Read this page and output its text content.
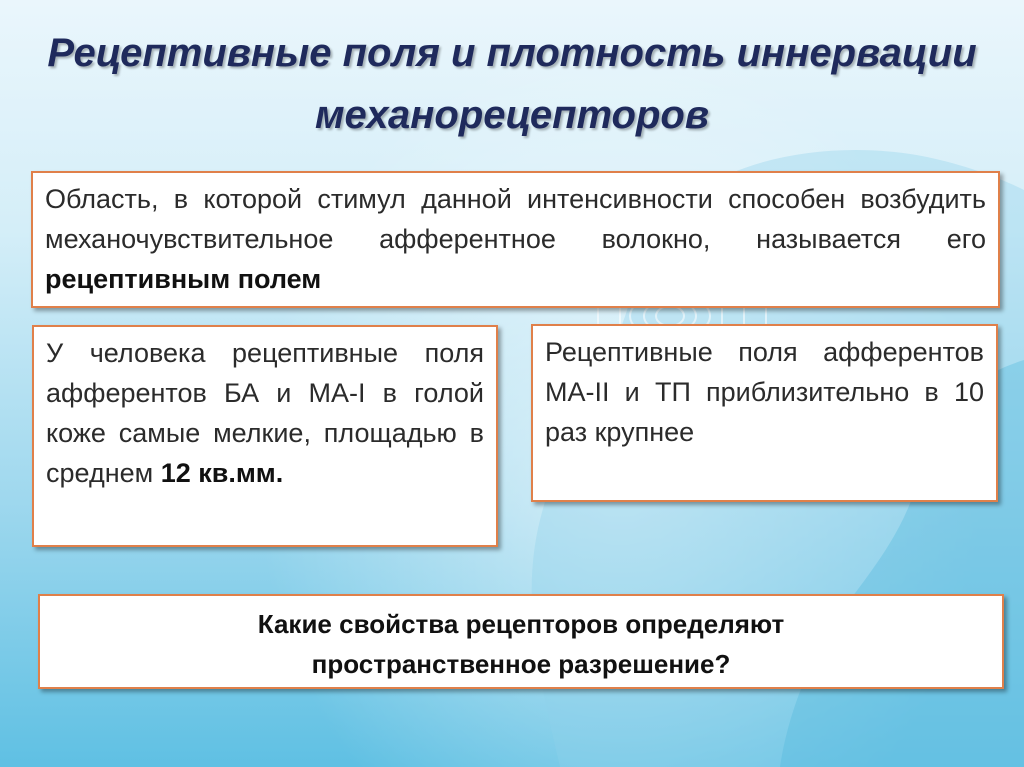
Рецептивные поля и плотность иннервации механорецепторов
Область, в которой стимул данной интенсивности способен возбудить механочувствительное афферентное волокно, называется его рецептивным полем
У человека рецептивные поля афферентов БА и МА-I в голой коже самые мелкие, площадью в среднем 12 кв.мм.
Рецептивные поля афферентов МА-II и ТП приблизительно в 10 раз крупнее
Какие свойства рецепторов определяют
пространственное разрешение?
